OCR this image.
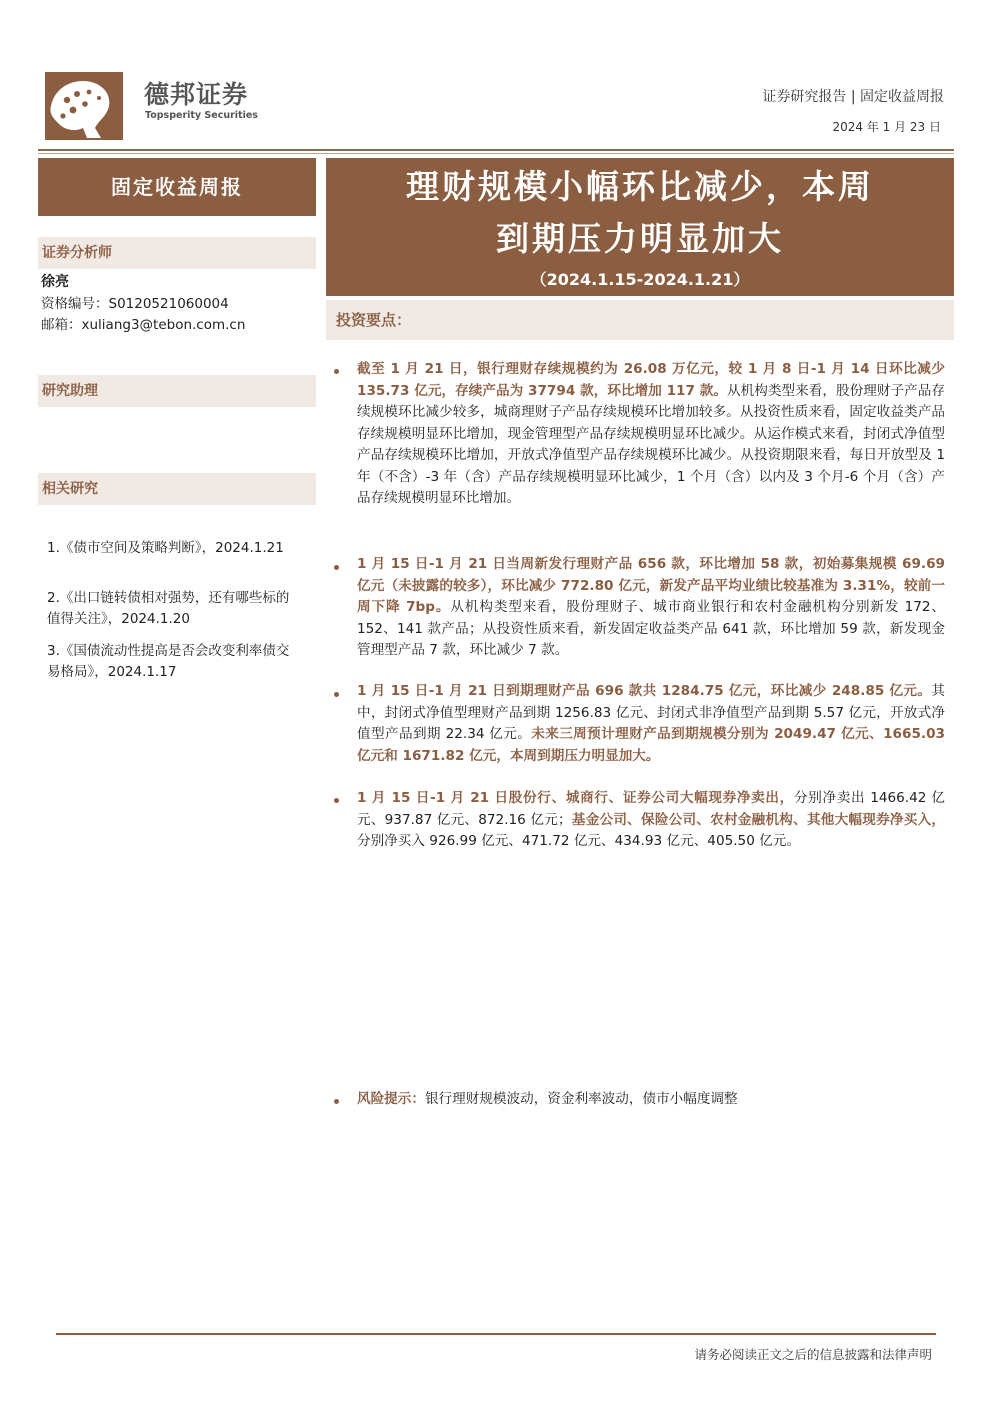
德邦证券
Topsperity Securities
证券研究报告 | 固定收益周报
2024 年 1 月 23 日
固定收益周报
证券分析师
徐亮
资格编号：S0120521060004
邮箱：xuliang3@tebon.com.cn
研究助理
相关研究
1.《债市空间及策略判断》，2024.1.21
2.《出口链转债相对强势，还有哪些标的值得关注》，2024.1.20
3.《国债流动性提高是否会改变利率债交易格局》，2024.1.17
理财规模小幅环比减少，本周
到期压力明显加大
（2024.1.15-2024.1.21）
投资要点：
截至 1 月 21 日，银行理财存续规模约为 26.08 万亿元，较 1 月 8 日-1 月 14 日环比减少 135.73 亿元，存续产品为 37794 款，环比增加 117 款。从机构类型来看，股份理财子产品存续规模环比减少较多，城商理财子产品存续规模环比增加较多。从投资性质来看，固定收益类产品存续规模明显环比增加，现金管理型产品存续规模明显环比减少。从运作模式来看，封闭式净值型产品存续规模环比增加，开放式净值型产品存续规模环比减少。从投资期限来看，每日开放型及 1 年（不含）-3 年（含）产品存续规模明显环比减少，1 个月（含）以内及 3 个月-6 个月（含）产品存续规模明显环比增加。
1 月 15 日-1 月 21 日当周新发行理财产品 656 款，环比增加 58 款，初始募集规模 69.69 亿元（未披露的较多），环比减少 772.80 亿元，新发产品平均业绩比较基准为 3.31%，较前一周下降 7bp。从机构类型来看，股份理财子、城市商业银行和农村金融机构分别新发 172、152、141 款产品；从投资性质来看，新发固定收益类产品 641 款，环比增加 59 款，新发现金管理型产品 7 款，环比减少 7 款。
1 月 15 日-1 月 21 日到期理财产品 696 款共 1284.75 亿元，环比减少 248.85 亿元。其中，封闭式净值型理财产品到期 1256.83 亿元、封闭式非净值型产品到期 5.57 亿元，开放式净值型产品到期 22.34 亿元。未来三周预计理财产品到期规模分别为 2049.47 亿元、1665.03 亿元和 1671.82 亿元，本周到期压力明显加大。
1 月 15 日-1 月 21 日股份行、城商行、证券公司大幅现券净卖出，分别净卖出 1466.42 亿元、937.87 亿元、872.16 亿元；基金公司、保险公司、农村金融机构、其他大幅现券净买入，分别净买入 926.99 亿元、471.72 亿元、434.93 亿元、405.50 亿元。
风险提示：银行理财规模波动，资金利率波动，债市小幅度调整
请务必阅读正文之后的信息披露和法律声明
